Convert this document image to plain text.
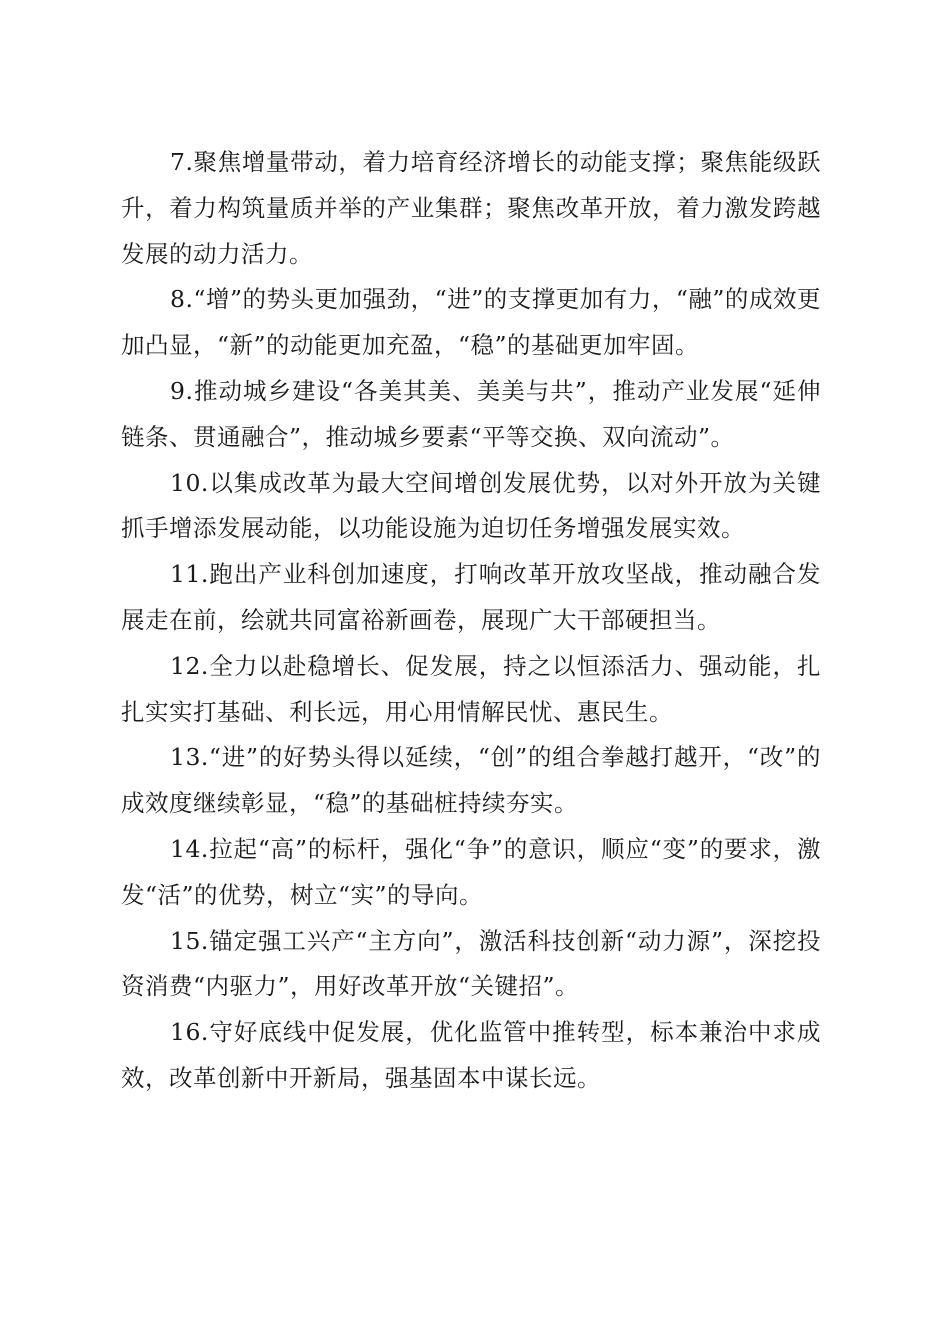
7.聚焦增量带动，着力培育经济增长的动能支撑；聚焦能级跃升，着力构筑量质并举的产业集群；聚焦改革开放，着力激发跨越发展的动力活力。

8.“增”的势头更加强劲，“进”的支撑更加有力，“融”的成效更加凸显，“新”的动能更加充盈，“稳”的基础更加牢固。

9.推动城乡建设“各美其美、美美与共”，推动产业发展“延伸链条、贯通融合”，推动城乡要素“平等交换、双向流动”。

10.以集成改革为最大空间增创发展优势，以对外开放为关键抓手增添发展动能，以功能设施为迫切任务增强发展实效。

11.跑出产业科创加速度，打响改革开放攻坚战，推动融合发展走在前，绘就共同富裕新画卷，展现广大干部硬担当。

12.全力以赴稳增长、促发展，持之以恒添活力、强动能，扎扎实实打基础、利长远，用心用情解民忧、惠民生。

13.“进”的好势头得以延续，“创”的组合拳越打越开，“改”的成效度继续彰显，“稳”的基础桩持续夯实。

14.拉起“高”的标杆，强化“争”的意识，顺应“变”的要求，激发“活”的优势，树立“实”的导向。

15.锚定强工兴产“主方向”，激活科技创新“动力源”，深挖投资消费“内驱力”，用好改革开放“关键招”。

16.守好底线中促发展，优化监管中推转型，标本兼治中求成效，改革创新中开新局，强基固本中谋长远。
